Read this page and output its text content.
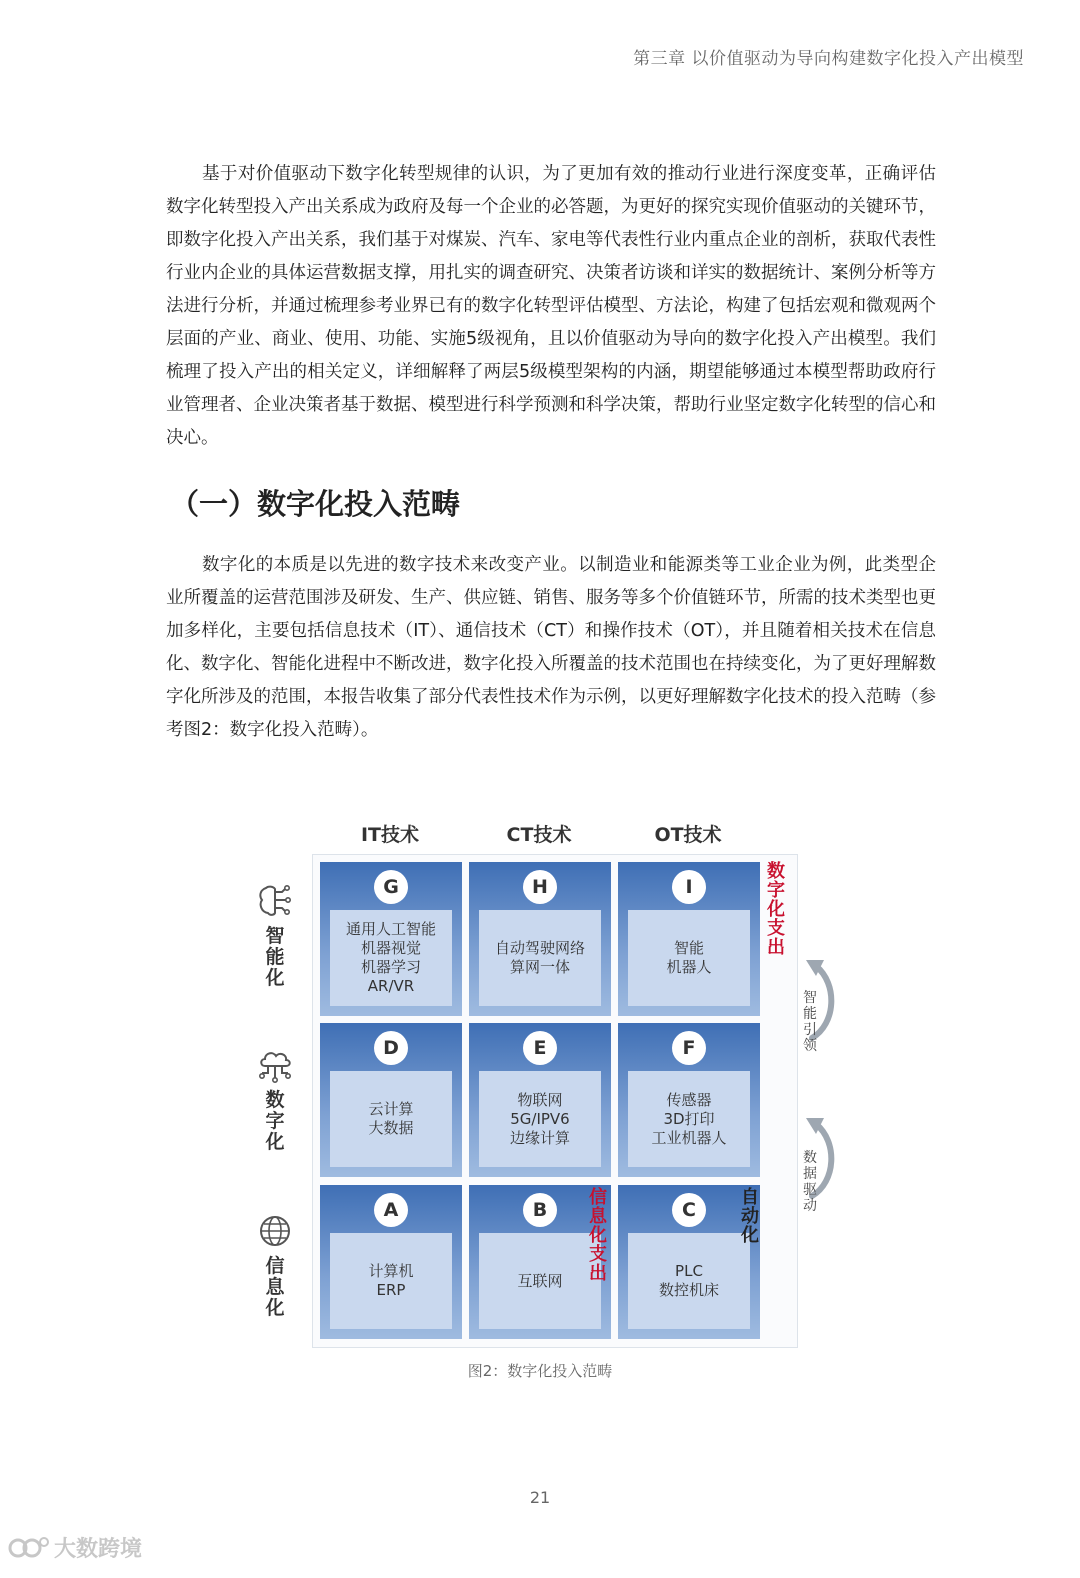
第三章 以价值驱动为导向构建数字化投入产出模型

基于对价值驱动下数字化转型规律的认识，为了更加有效的推动行业进行深度变革，正确评估数字化转型投入产出关系成为政府及每一个企业的必答题，为更好的探究实现价值驱动的关键环节，即数字化投入产出关系，我们基于对煤炭、汽车、家电等代表性行业内重点企业的剖析，获取代表性行业内企业的具体运营数据支撑，用扎实的调查研究、决策者访谈和详实的数据统计、案例分析等方法进行分析，并通过梳理参考业界已有的数字化转型评估模型、方法论，构建了包括宏观和微观两个层面的产业、商业、使用、功能、实施5级视角，且以价值驱动为导向的数字化投入产出模型。我们梳理了投入产出的相关定义，详细解释了两层5级模型架构的内涵，期望能够通过本模型帮助政府行业管理者、企业决策者基于数据、模型进行科学预测和科学决策，帮助行业坚定数字化转型的信心和决心。

（一）数字化投入范畴

数字化的本质是以先进的数字技术来改变产业。以制造业和能源类等工业企业为例，此类型企业所覆盖的运营范围涉及研发、生产、供应链、销售、服务等多个价值链环节，所需的技术类型也更加多样化，主要包括信息技术（IT）、通信技术（CT）和操作技术（OT），并且随着相关技术在信息化、数字化、智能化进程中不断改进，数字化投入所覆盖的技术范围也在持续变化，为了更好理解数字化所涉及的范围，本报告收集了部分代表性技术作为示例，以更好理解数字化技术的投入范畴（参考图2：数字化投入范畴）。

IT技术	CT技术	OT技术
智能化
数字化
信息化
G
通用人工智能
机器视觉
机器学习
AR/VR
H
自动驾驶网络
算网一体
I
智能
机器人
D
云计算
大数据
E
物联网
5G/IPV6
边缘计算
F
传感器
3D打印
工业机器人
A
计算机
ERP
B
互联网
C
PLC
数控机床
数字化支出
信息化支出
自动化
智能引领
数据驱动
图2：数字化投入范畴
21
大数跨境
